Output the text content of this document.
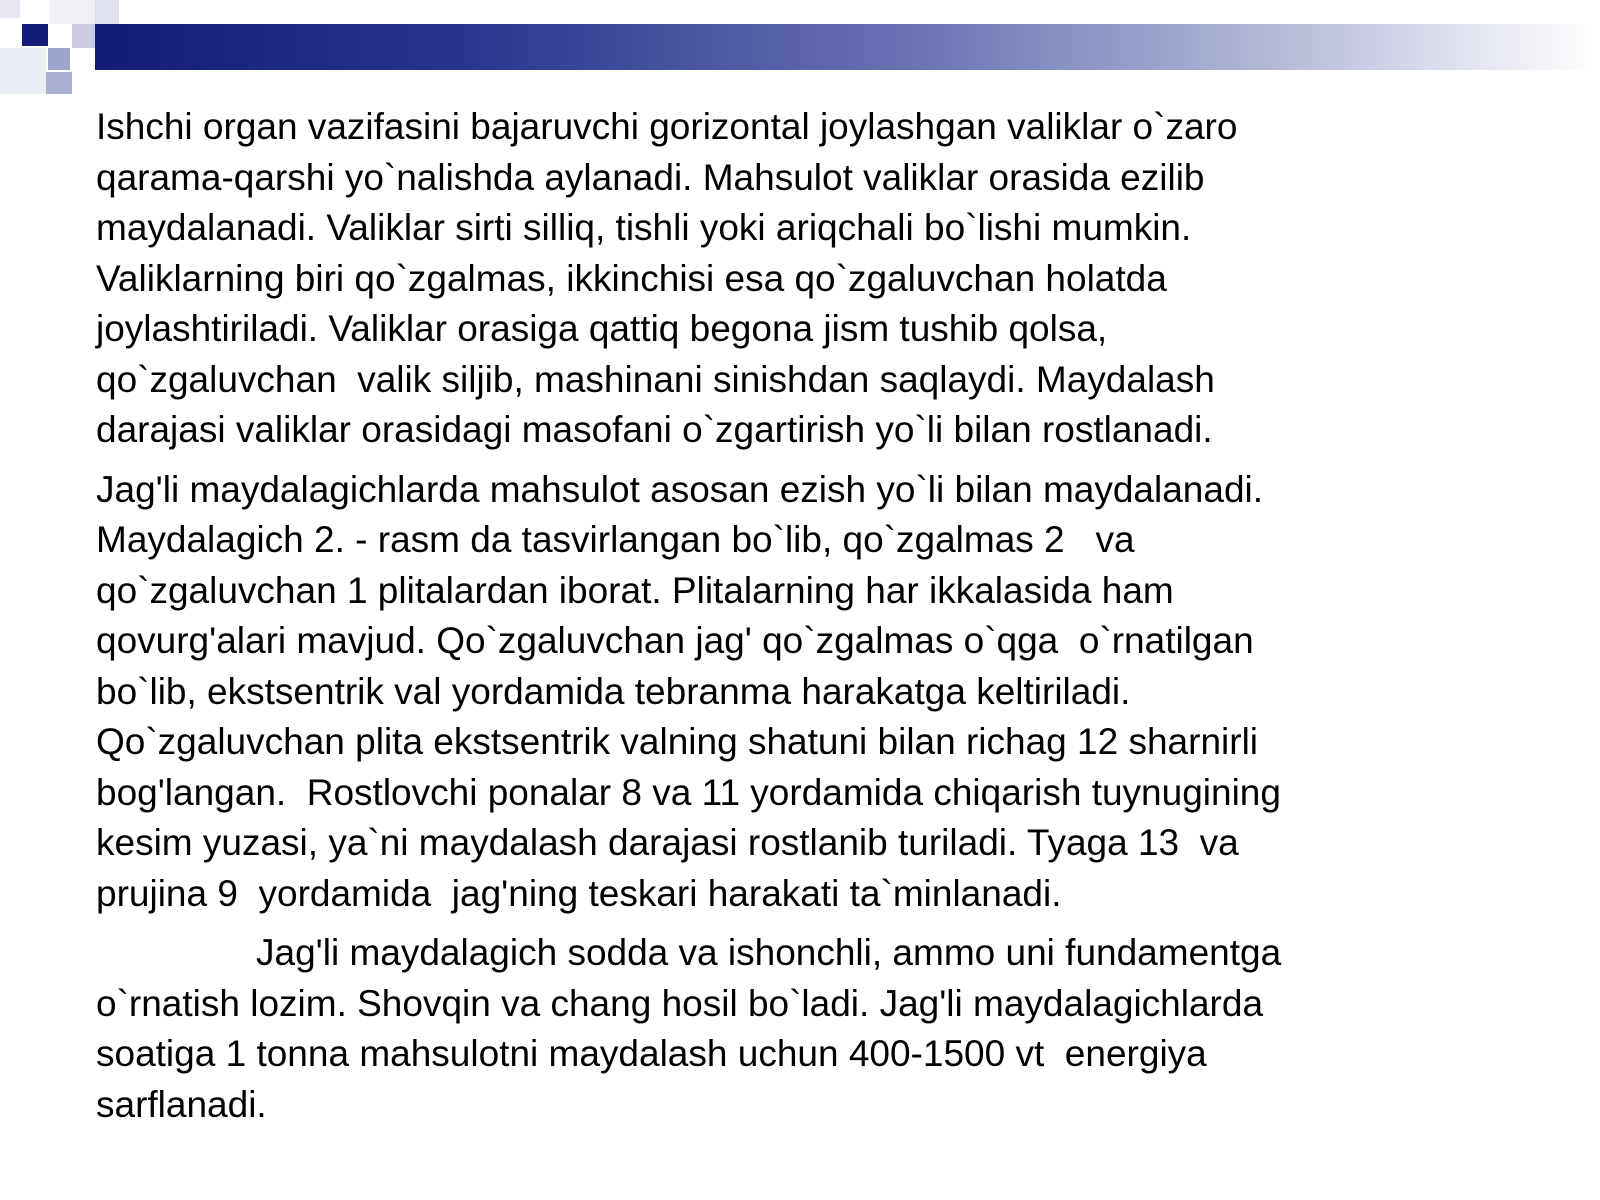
Ishchi organ vazifasini bajaruvchi gorizontal joylashgan valiklar o`zaro
qarama-qarshi yo`nalishda aylanadi. Mahsulot valiklar orasida ezilib
maydalanadi. Valiklar sirti silliq, tishli yoki ariqchali bo`lishi mumkin.
Valiklarning biri qo`zgalmas, ikkinchisi esa qo`zgaluvchan holatda
joylashtiriladi. Valiklar orasiga qattiq begona jism tushib qolsa,
qo`zgaluvchan  valik siljib, mashinani sinishdan saqlaydi. Maydalash
darajasi valiklar orasidagi masofani o`zgartirish yo`li bilan rostlanadi.

Jag'li maydalagichlarda mahsulot asosan ezish yo`li bilan maydalanadi.
Maydalagich 2. - rasm da tasvirlangan bo`lib, qo`zgalmas 2   va
qo`zgaluvchan 1 plitalardan iborat. Plitalarning har ikkalasida ham
qovurg'alari mavjud. Qo`zgaluvchan jag' qo`zgalmas o`qga  o`rnatilgan
bo`lib, ekstsentrik val yordamida tebranma harakatga keltiriladi.
Qo`zgaluvchan plita ekstsentrik valning shatuni bilan richag 12 sharnirli
bog'langan.  Rostlovchi ponalar 8 va 11 yordamida chiqarish tuynugining
kesim yuzasi, ya`ni maydalash darajasi rostlanib turiladi. Tyaga 13  va
prujina 9  yordamida  jag'ning teskari harakati ta`minlanadi.

Jag'li maydalagich sodda va ishonchli, ammo uni fundamentga
o`rnatish lozim. Shovqin va chang hosil bo`ladi. Jag'li maydalagichlarda
soatiga 1 tonna mahsulotni maydalash uchun 400-1500 vt  energiya
sarflanadi.
